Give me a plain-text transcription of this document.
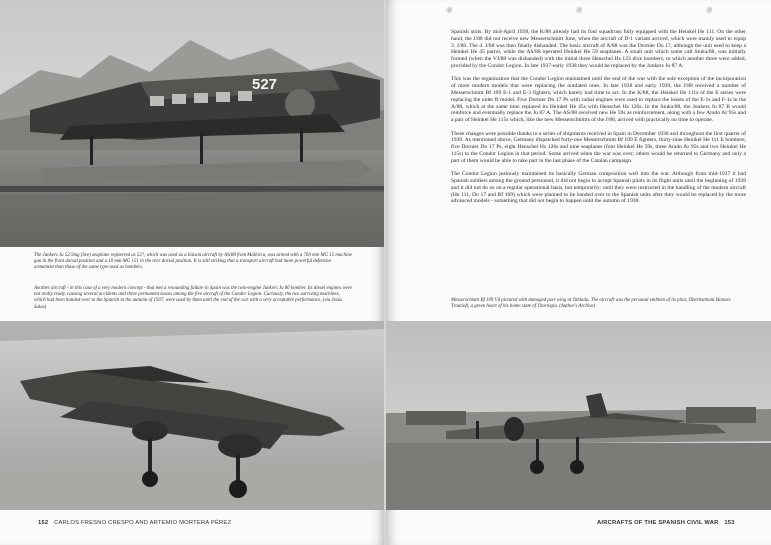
527
The Junkers Ju 52/3mg (See) seaplane registered as 52?, which was used as a liaison aircraft by AS/88 from Mallorca, was armed with a 760 mm MG 15 machine gun in the front dorsal position and a 10 mm MG 151 in the rear dorsal position. It is still striking that a transport aircraft had more powerful defensive armament than those of the same type used as bombers.
Another aircraft - in this case of a very modern concept - that met a resounding failure in Spain was the twin-engine Junkers Ju 86 bomber. Its diesel engines were not really ready, causing several accidents and three permanent losses among the five aircraft of the Condor Legion. Curiously, the two surviving machines, which had been handed over to the Spanish in the autumn of 1937, were used by them until the end of the war with a very acceptable performance. (via Jesús Salas)
152 CARLOS FRESNO CRESPO AND ARTEMIO MORTERA PÉREZ

Spanish units. By mid-April 1938, the K/88 already had its four squadrons fully equipped with the Heinkel He 111. On the other hand, the J/88 did not receive new Messerschmitt June, when the aircraft of D-1 variant arrived, which were mainly used to equip 3. J/88. The 4. J/88 was then finally disbanded. The basic aircraft of A/88 was the Dornier Do 17, although the unit used to keep a Heinkel He 45 patrol, while the AS/88 operated Heinkel He 59 seaplanes. A small unit which some call Stuka/88, was initially formed (when the VJ/88 was disbanded) with the initial three Henschel Hs 123 dive bombers, to which another three were added, provided by the Condor Legion. In late 1937-early 1938 they would be replaced by the Junkers Ju 87 A.

This was the organization that the Condor Legion maintained until the end of the war with the sole exception of the incorporation of more modern models that were replacing the outdated ones. In late 1938 and early 1939, the J/88 received a number of Messerschmitt Bf 109 E-1 and E-3 fighters, which barely had time to act. In the K/88, the Heinkel He 111s of the E series were replacing the older B model, Five Dornier Do 17 Ps with radial engines were used to replace the losses of the E-1s and F-1s in the A/88, which at the same time replaced its Heinkel He 45s with Henschel Hs 126s. In the Stuka/88, the Junkers Ju 87 B would reinforce and eventually replace the Ju 87 A. The AS/88 received new He 59s as reinforcement, along with a few Arado Ar 95s and a pair of Heinkel He 115s which, like the new Messerschmitts of the J/88, arrived with practically no time to operate.

These changes were possible thanks to a series of shipments received in Spain in December 1938 and throughout the first quarter of 1939. As mentioned above, Germany dispatched forty-one Messerschmitt Bf 109 E fighters, thirty-nine Heinkel He 111 E bombers, five Dornier Do 17 Ps, eight Henschel Hs 126s and nine seaplanes (four Heinkel He 59s, three Arado Ar 95s and two Heinkel He 115s) to the Condor Legion in that period. Some arrived when the war was over; others would be returned to Germany and only a part of them would be able to take part in the last phase of the Catalan campaign.

The Condor Legion jealously maintained its basically German composition well into the war. Although from mid-1937 it had Spanish soldiers among the ground personnel, it did not begin to accept Spanish pilots in its flight units until the beginning of 1938 and it did not do so on a regular operational basis, but temporarily: until they were instructed in the handling of the modern aircraft (He 111, Do 17 and Bf 109) which were planned to be handed over to the Spanish units after they would be replaced by the more advanced models - something that did not begin to happen until the autumn of 1938.

Messerschmitt Bf 109 V4 pictured with damaged port wing at Tablada. The aircraft was the personal emblem of its pilot, Oberleutnant Hannes Trautloft, a green heart of his home state of Thuringia. (Author's Archive)
AIRCRAFTS OF THE SPANISH CIVIL WAR 153
